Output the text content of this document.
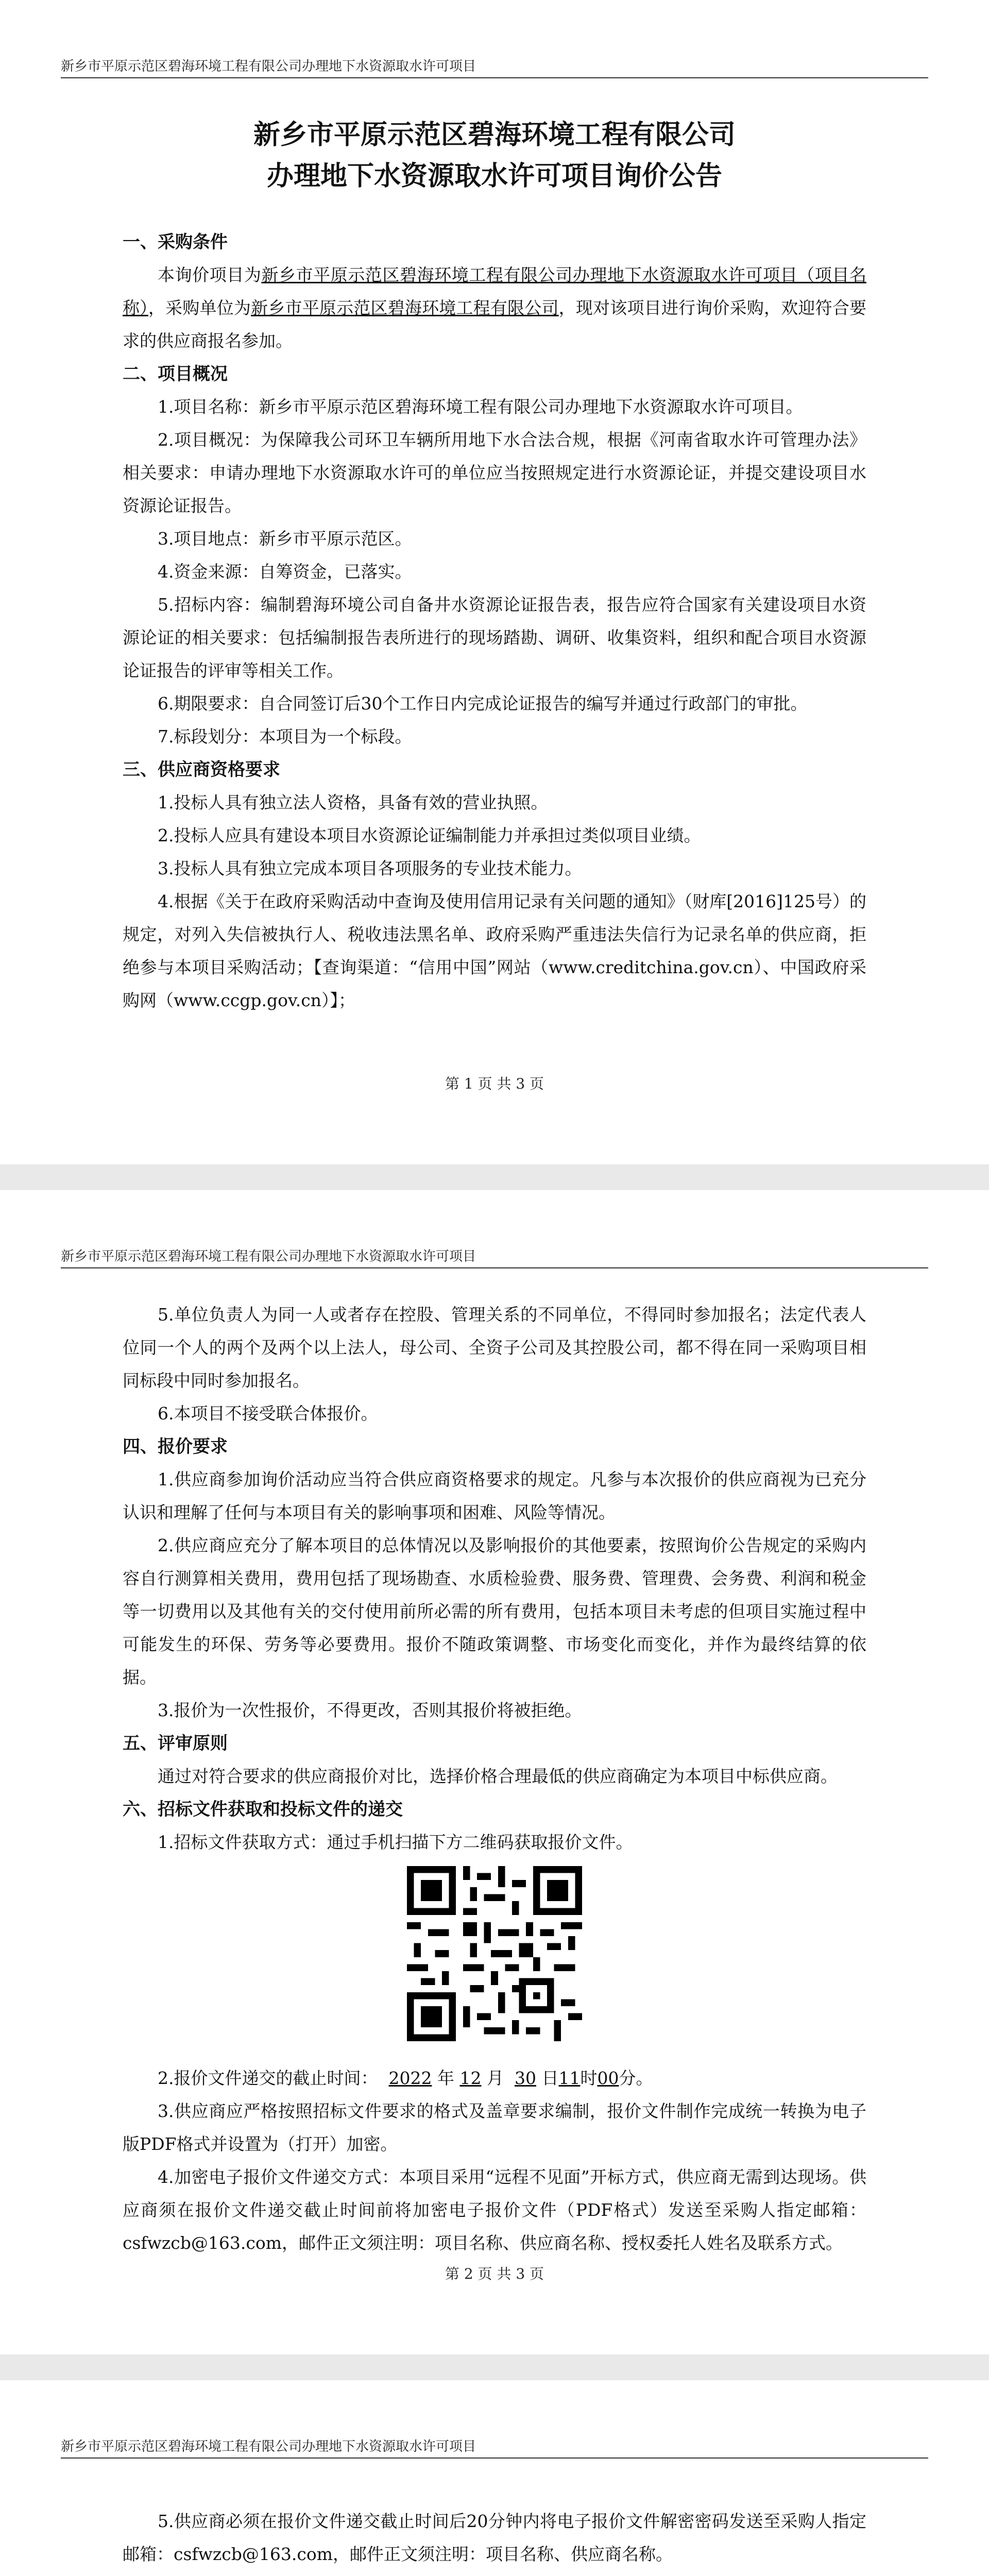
新乡市平原示范区碧海环境工程有限公司办理地下水资源取水许可项目
新乡市平原示范区碧海环境工程有限公司
办理地下水资源取水许可项目询价公告

一、采购条件

本询价项目为新乡市平原示范区碧海环境工程有限公司办理地下水资源取水许可项目（项目名称），采购单位为新乡市平原示范区碧海环境工程有限公司，现对该项目进行询价采购，欢迎符合要求的供应商报名参加。

二、项目概况

1.项目名称：新乡市平原示范区碧海环境工程有限公司办理地下水资源取水许可项目。

2.项目概况：为保障我公司环卫车辆所用地下水合法合规，根据《河南省取水许可管理办法》相关要求：申请办理地下水资源取水许可的单位应当按照规定进行水资源论证，并提交建设项目水资源论证报告。

3.项目地点：新乡市平原示范区。

4.资金来源：自筹资金，已落实。

5.招标内容：编制碧海环境公司自备井水资源论证报告表，报告应符合国家有关建设项目水资源论证的相关要求：包括编制报告表所进行的现场踏勘、调研、收集资料，组织和配合项目水资源论证报告的评审等相关工作。

6.期限要求：自合同签订后30个工作日内完成论证报告的编写并通过行政部门的审批。

7.标段划分：本项目为一个标段。

三、供应商资格要求

1.投标人具有独立法人资格，具备有效的营业执照。

2.投标人应具有建设本项目水资源论证编制能力并承担过类似项目业绩。

3.投标人具有独立完成本项目各项服务的专业技术能力。

4.根据《关于在政府采购活动中查询及使用信用记录有关问题的通知》（财库[2016]125号）的规定，对列入失信被执行人、税收违法黑名单、政府采购严重违法失信行为记录名单的供应商，拒绝参与本项目采购活动；【查询渠道：“信用中国”网站（www.creditchina.gov.cn）、中国政府采购网（www.ccgp.gov.cn）】；

第 1 页 共 3 页
新乡市平原示范区碧海环境工程有限公司办理地下水资源取水许可项目

5.单位负责人为同一人或者存在控股、管理关系的不同单位，不得同时参加报名；法定代表人位同一个人的两个及两个以上法人，母公司、全资子公司及其控股公司，都不得在同一采购项目相同标段中同时参加报名。

6.本项目不接受联合体报价。

四、报价要求

1.供应商参加询价活动应当符合供应商资格要求的规定。凡参与本次报价的供应商视为已充分认识和理解了任何与本项目有关的影响事项和困难、风险等情况。

2.供应商应充分了解本项目的总体情况以及影响报价的其他要素，按照询价公告规定的采购内容自行测算相关费用，费用包括了现场勘查、水质检验费、服务费、管理费、会务费、利润和税金等一切费用以及其他有关的交付使用前所必需的所有费用，包括本项目未考虑的但项目实施过程中可能发生的环保、劳务等必要费用。报价不随政策调整、市场变化而变化，并作为最终结算的依据。

3.报价为一次性报价，不得更改，否则其报价将被拒绝。

五、评审原则

通过对符合要求的供应商报价对比，选择价格合理最低的供应商确定为本项目中标供应商。

六、招标文件获取和投标文件的递交

1.招标文件获取方式：通过手机扫描下方二维码获取报价文件。

2.报价文件递交的截止时间： 2022 年 12 月 30 日11时00分。

3.供应商应严格按照招标文件要求的格式及盖章要求编制，报价文件制作完成统一转换为电子版PDF格式并设置为（打开）加密。

4.加密电子报价文件递交方式：本项目采用“远程不见面”开标方式，供应商无需到达现场。供应商须在报价文件递交截止时间前将加密电子报价文件（PDF格式）发送至采购人指定邮箱：csfwzcb@163.com，邮件正文须注明：项目名称、供应商名称、授权委托人姓名及联系方式。

第 2 页 共 3 页
新乡市平原示范区碧海环境工程有限公司办理地下水资源取水许可项目

5.供应商必须在报价文件递交截止时间后20分钟内将电子报价文件解密密码发送至采购人指定邮箱：csfwzcb@163.com，邮件正文须注明：项目名称、供应商名称。
